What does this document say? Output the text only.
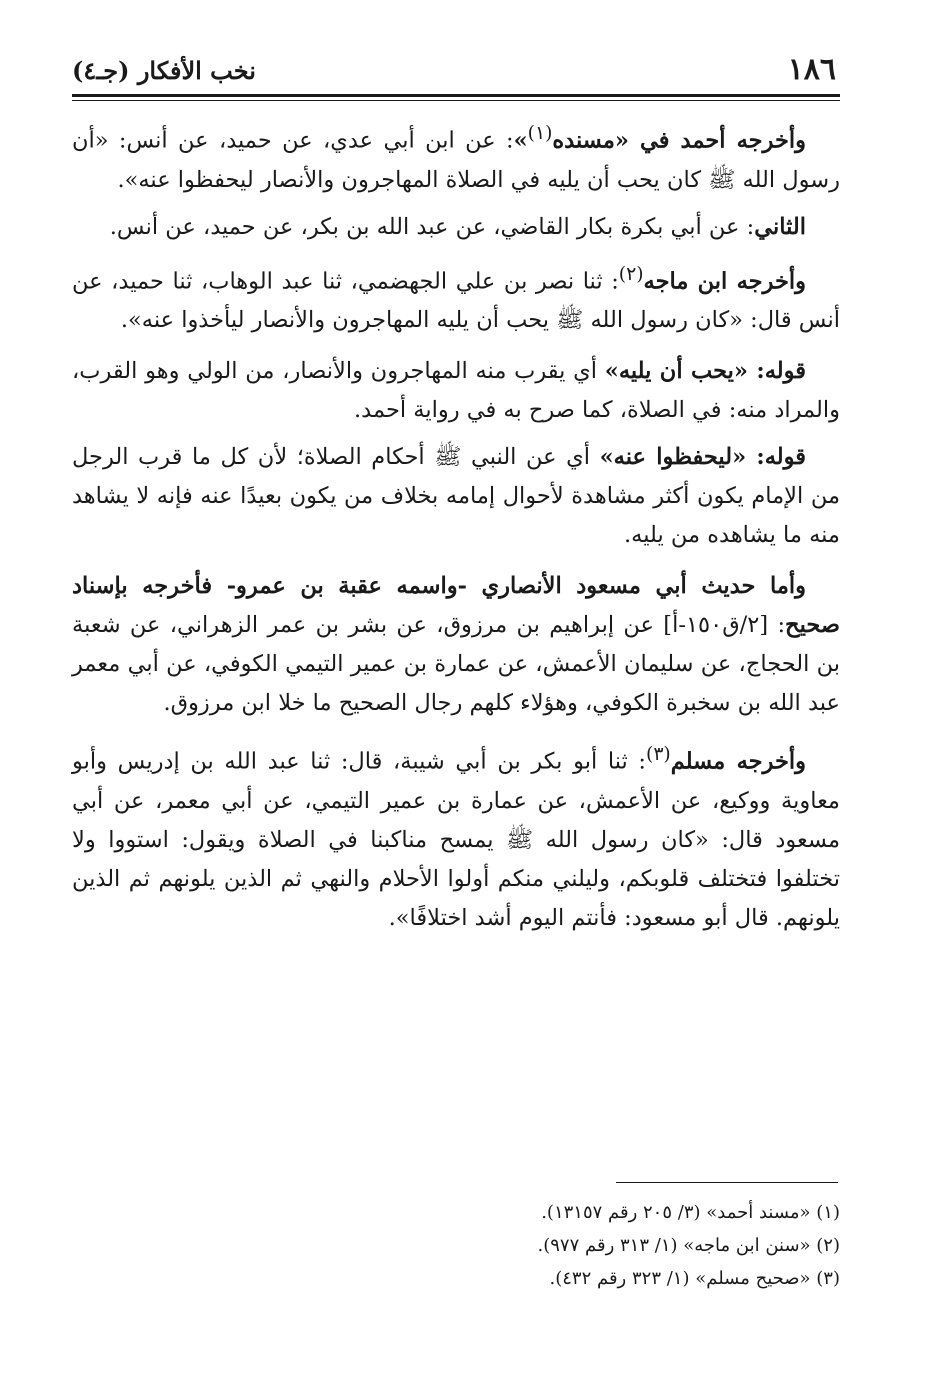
١٨٦
نخب الأفكار (جـ٤)

وأخرجه أحمد في «مسنده$^{(١)}$»: عن ابن أبي عدي، عن حميد، عن أنس: «أن رسول الله ﷺ كان يحب أن يليه في الصلاة المهاجرون والأنصار ليحفظوا عنه».

الثاني: عن أبي بكرة بكار القاضي، عن عبد الله بن بكر، عن حميد، عن أنس.

وأخرجه ابن ماجه$^{(٢)}$: ثنا نصر بن علي الجهضمي، ثنا عبد الوهاب، ثنا حميد، عن أنس قال: «كان رسول الله ﷺ يحب أن يليه المهاجرون والأنصار ليأخذوا عنه».

قوله: «يحب أن يليه» أي يقرب منه المهاجرون والأنصار، من الولي وهو القرب، والمراد منه: في الصلاة، كما صرح به في رواية أحمد.

قوله: «ليحفظوا عنه» أي عن النبي ﷺ أحكام الصلاة؛ لأن كل ما قرب الرجل من الإمام يكون أكثر مشاهدة لأحوال إمامه بخلاف من يكون بعيدًا عنه فإنه لا يشاهد منه ما يشاهده من يليه.

وأما حديث أبي مسعود الأنصاري -واسمه عقبة بن عمرو- فأخرجه بإسناد صحيح: [٢/ق١٥٠-أ] عن إبراهيم بن مرزوق، عن بشر بن عمر الزهراني، عن شعبة بن الحجاج، عن سليمان الأعمش، عن عمارة بن عمير التيمي الكوفي، عن أبي معمر عبد الله بن سخبرة الكوفي، وهؤلاء كلهم رجال الصحيح ما خلا ابن مرزوق.

وأخرجه مسلم$^{(٣)}$: ثنا أبو بكر بن أبي شيبة، قال: ثنا عبد الله بن إدريس وأبو معاوية ووكيع، عن الأعمش، عن عمارة بن عمير التيمي، عن أبي معمر، عن أبي مسعود قال: «كان رسول الله ﷺ يمسح مناكبنا في الصلاة ويقول: استووا ولا تختلفوا فتختلف قلوبكم، وليلني منكم أولوا الأحلام والنهي ثم الذين يلونهم ثم الذين يلونهم. قال أبو مسعود: فأنتم اليوم أشد اختلافًا».

(١) «مسند أحمد» (٣/ ٢٠٥ رقم ١٣١٥٧).
(٢) «سنن ابن ماجه» (١/ ٣١٣ رقم ٩٧٧).
(٣) «صحيح مسلم» (١/ ٣٢٣ رقم ٤٣٢).
